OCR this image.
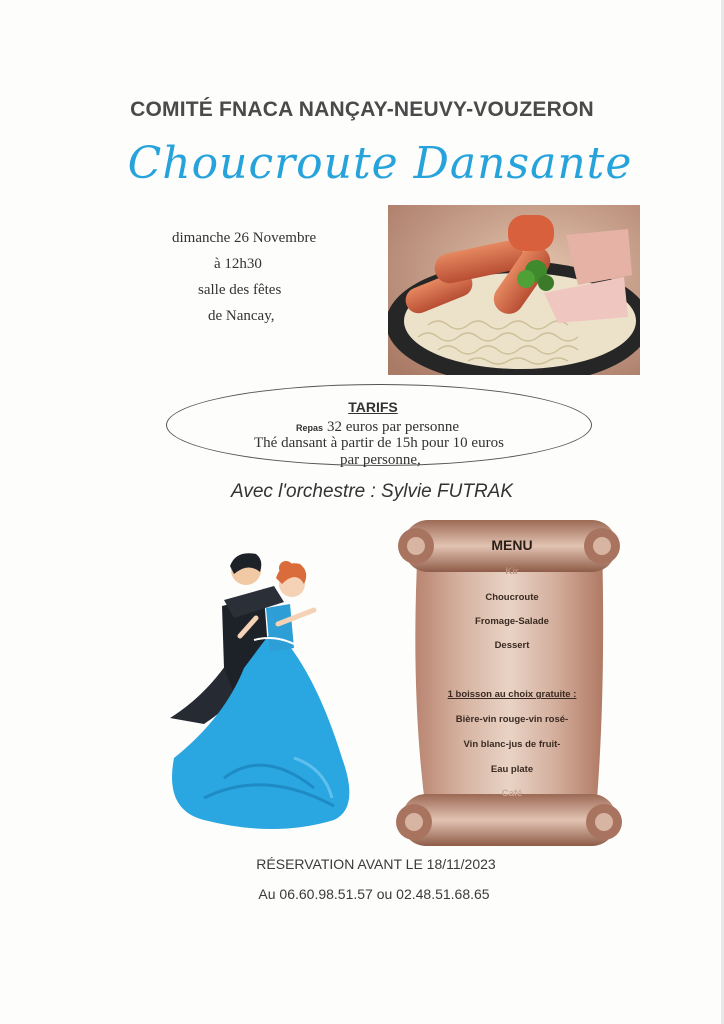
COMITÉ FNACA NANÇAY-NEUVY-VOUZERON
Choucroute Dansante
dimanche 26 Novembre
à 12h30
salle des fêtes
de Nancay,
TARIFS
Repas 32 euros par personne
Thé dansant à partir de 15h pour 10 euros
par personne,
Avec l'orchestre : Sylvie FUTRAK
MENU
Kir
Choucroute
Fromage-Salade
Dessert
1 boisson au choix gratuite :
Bière-vin rouge-vin rosé-
Vin blanc-jus de fruit-
Eau plate
Café
RÉSERVATION AVANT LE 18/11/2023
Au 06.60.98.51.57 ou 02.48.51.68.65
